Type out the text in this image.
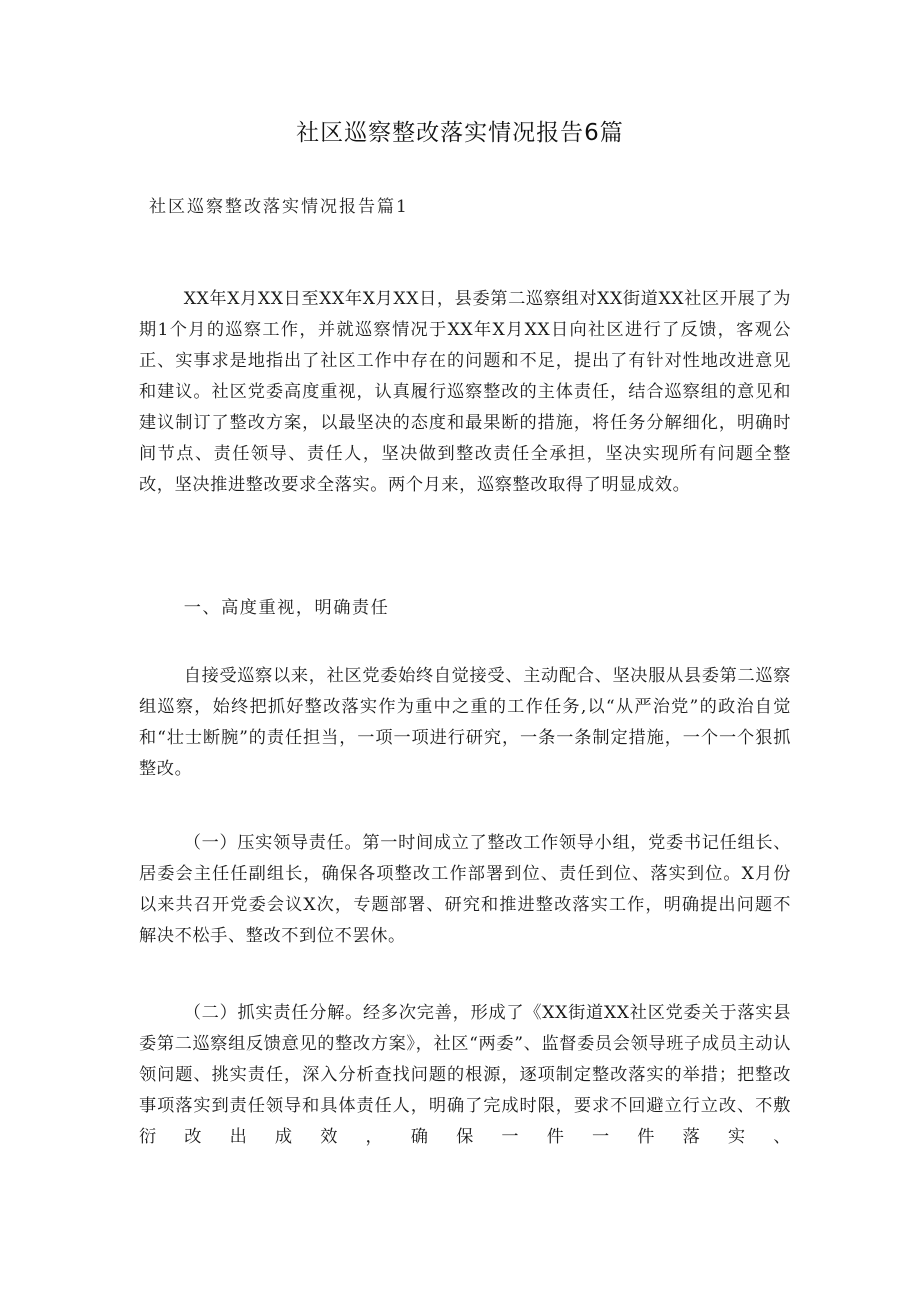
社区巡察整改落实情况报告6篇
社区巡察整改落实情况报告篇1

XX年X月XX日至XX年X月XX日，县委第二巡察组对XX街道XX社区开展了为期1个月的巡察工作，并就巡察情况于XX年X月XX日向社区进行了反馈，客观公正、实事求是地指出了社区工作中存在的问题和不足，提出了有针对性地改进意见和建议。社区党委高度重视，认真履行巡察整改的主体责任，结合巡察组的意见和建议制订了整改方案，以最坚决的态度和最果断的措施，将任务分解细化，明确时间节点、责任领导、责任人，坚决做到整改责任全承担，坚决实现所有问题全整改，坚决推进整改要求全落实。两个月来，巡察整改取得了明显成效。

一、高度重视，明确责任

自接受巡察以来，社区党委始终自觉接受、主动配合、坚决服从县委第二巡察组巡察，始终把抓好整改落实作为重中之重的工作任务,以“从严治党”的政治自觉和“壮士断腕”的责任担当，一项一项进行研究，一条一条制定措施，一个一个狠抓整改。

（一）压实领导责任。第一时间成立了整改工作领导小组，党委书记任组长、居委会主任任副组长，确保各项整改工作部署到位、责任到位、落实到位。X月份以来共召开党委会议X次，专题部署、研究和推进整改落实工作，明确提出问题不解决不松手、整改不到位不罢休。

（二）抓实责任分解。经多次完善，形成了《XX街道XX社区党委关于落实县委第二巡察组反馈意见的整改方案》，社区“两委”、监督委员会领导班子成员主动认领问题、挑实责任，深入分析查找问题的根源，逐项制定整改落实的举措；把整改事项落实到责任领导和具体责任人，明确了完成时限，要求不回避立行立改、不敷衍改出成效，确保一件一件落实、
